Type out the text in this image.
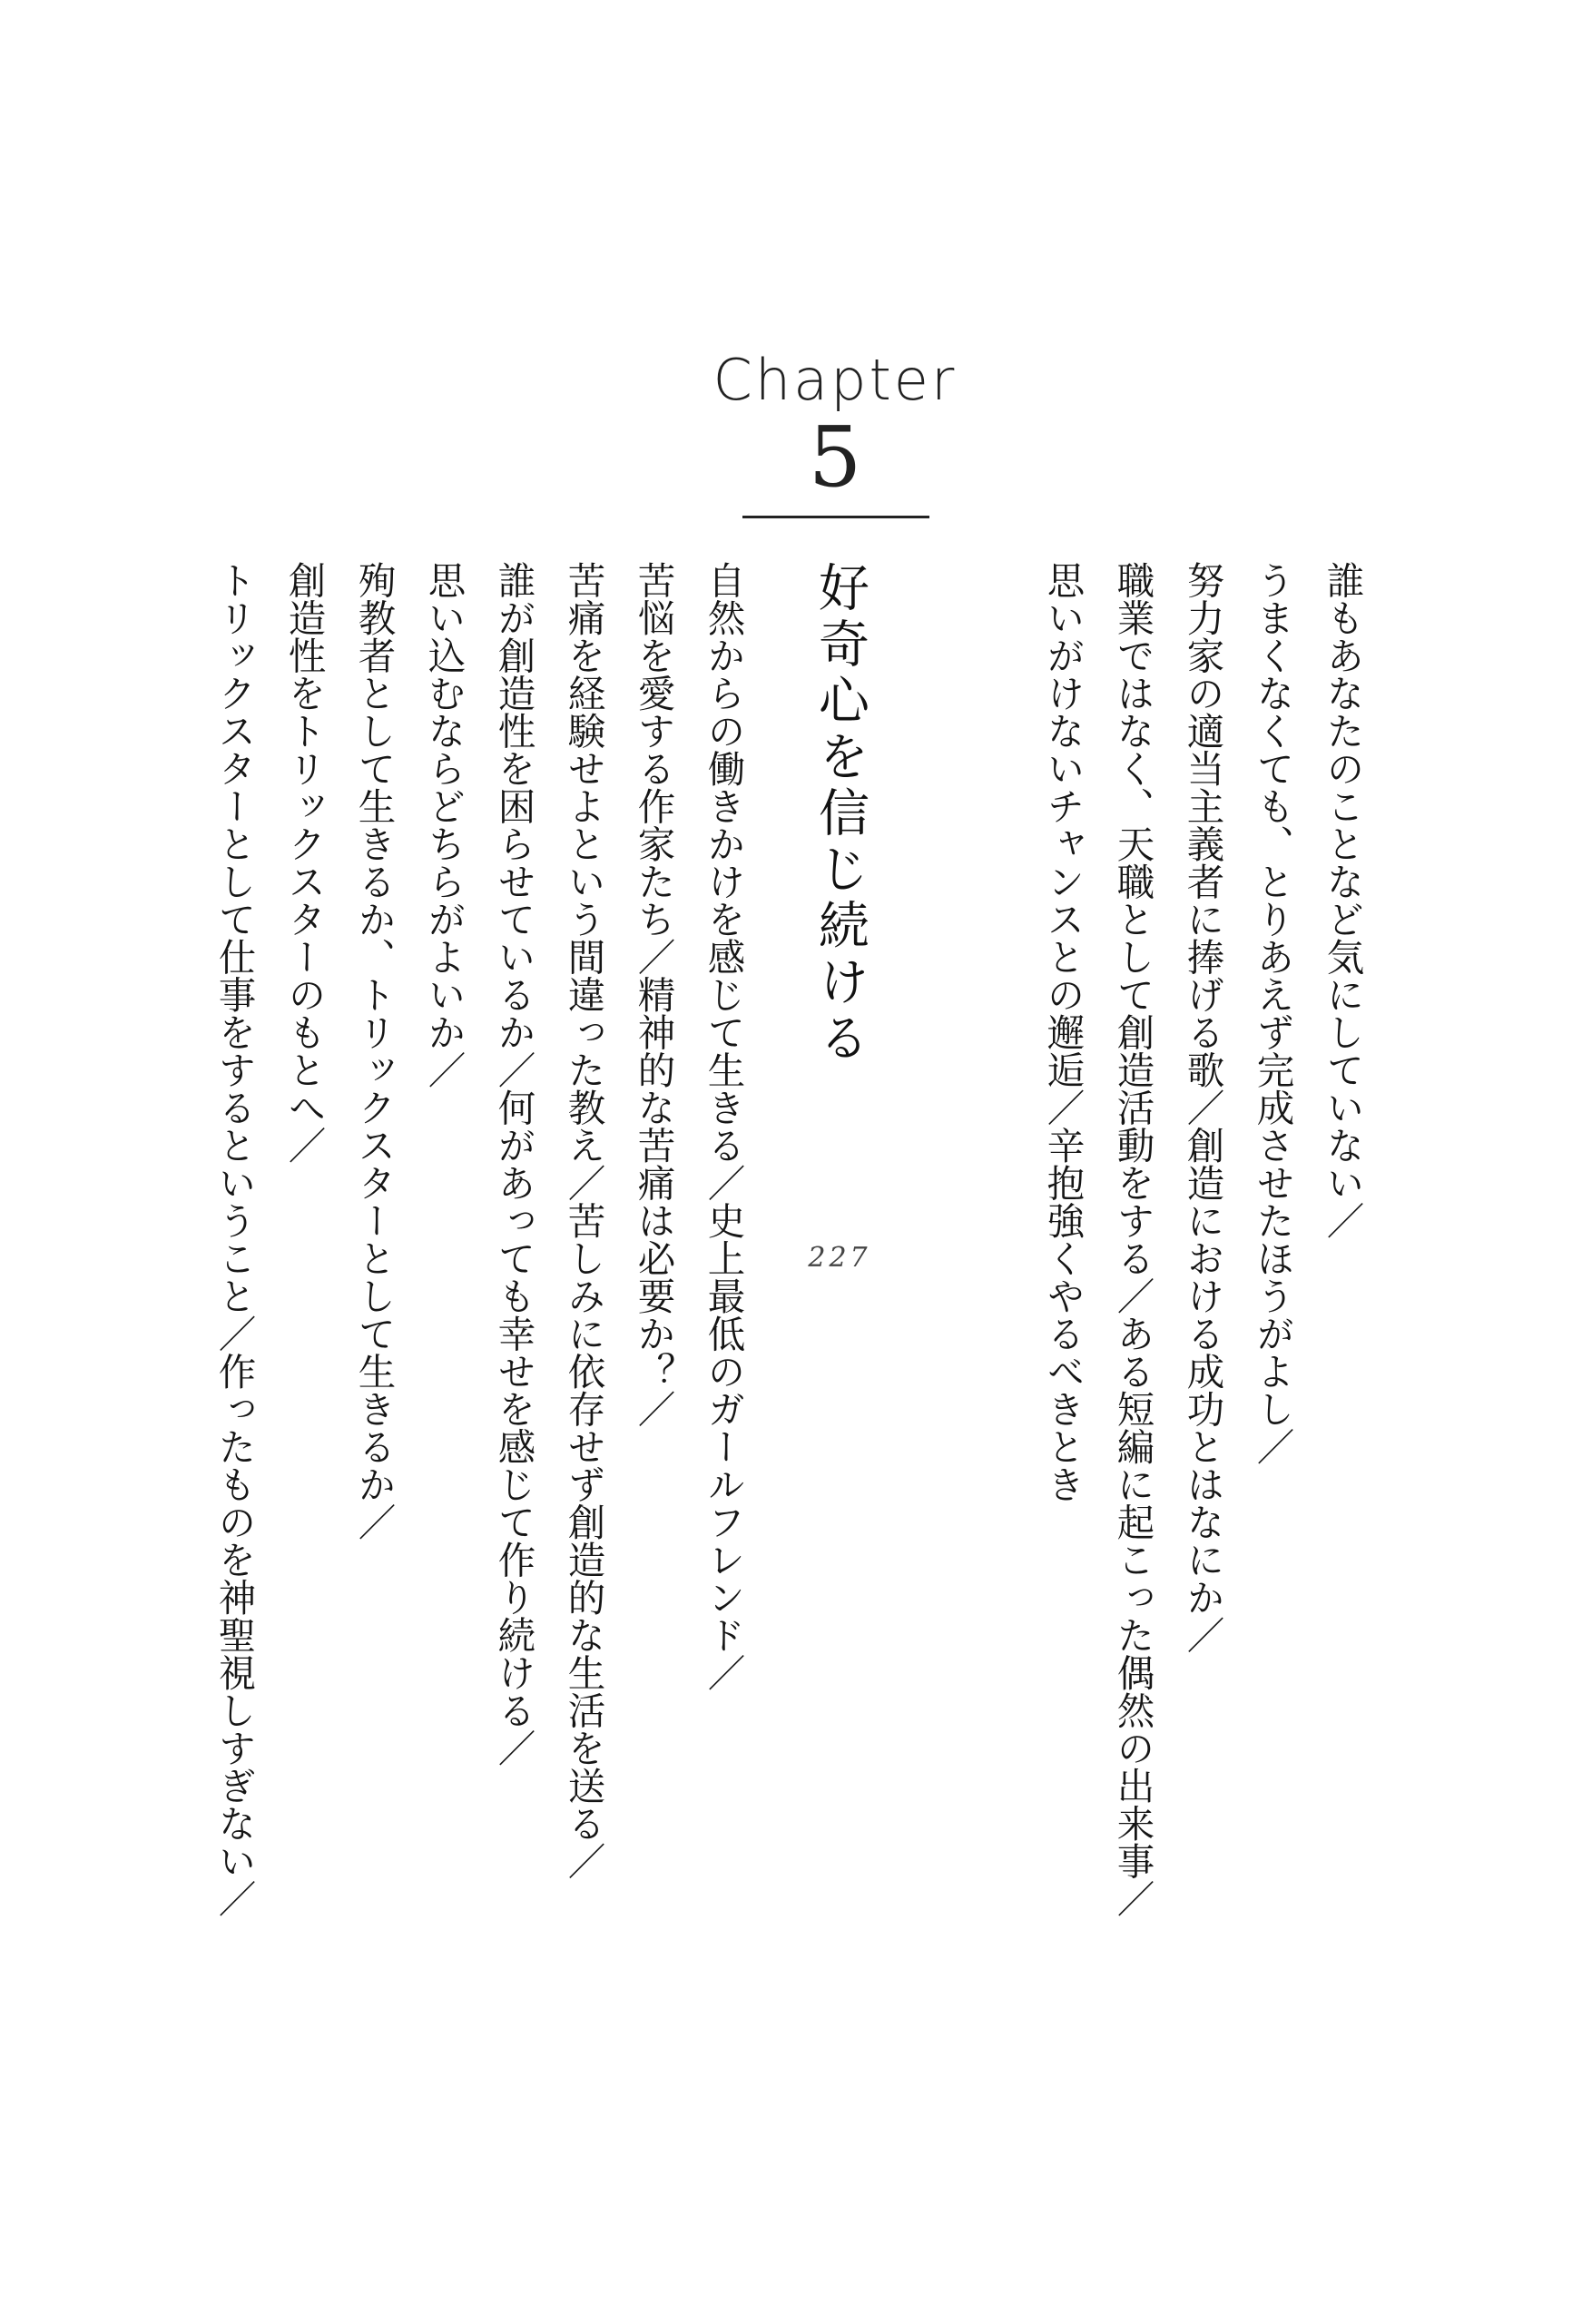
Chapter
5

誰もあなたのことなど気にしていない／

うまくなくても、とりあえず完成させたほうがよし／

努力家の適当主義者に捧げる歌／創造における成功とはなにか／

職業ではなく、天職として創造活動をする／ある短編に起こった偶然の出来事／

思いがけないチャンスとの邂逅／辛抱強くやるべきとき

好奇心を信じ続ける

227

自然からの働きかけを感じて生きる／史上最低のガールフレンド／

苦悩を愛する作家たち／精神的な苦痛は必要か？／

苦痛を経験せよという間違った教え／苦しみに依存せず創造的な生活を送る／

誰が創造性を困らせているか／何があっても幸せを感じて作り続ける／

思い込むならどちらがよいか／

殉教者として生きるか、トリックスターとして生きるか／

創造性をトリックスターのもとへ／

トリックスターとして仕事をするということ／作ったものを神聖視しすぎない／
